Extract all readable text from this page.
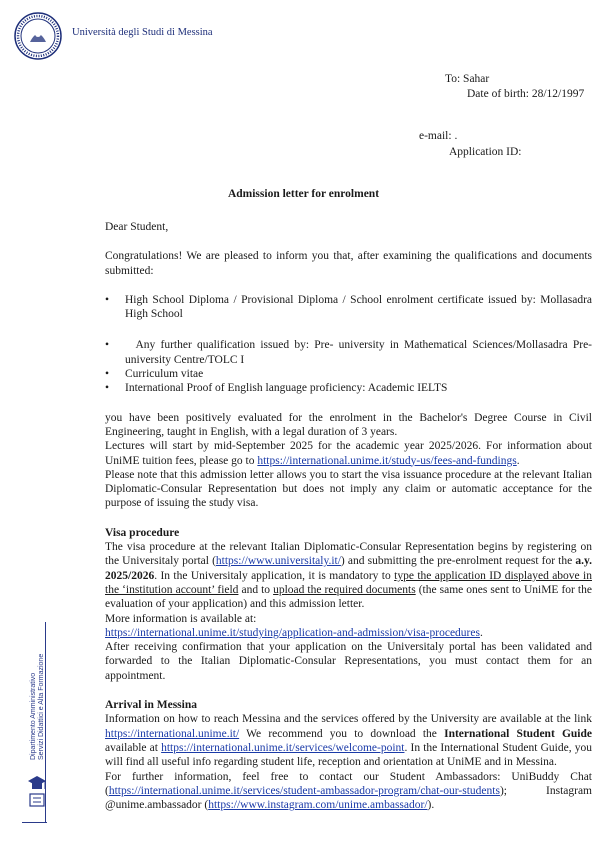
Università degli Studi di Messina
To: Sahar
Date of birth: 28/12/1997
e-mail: .
Application ID:
Admission letter for enrolment

Dear Student,

Congratulations! We are pleased to inform you that, after examining the qualifications and documents submitted:

• High School Diploma / Provisional Diploma / School enrolment certificate issued by: Mollasadra High School

• Any further qualification issued by: Pre- university in Mathematical Sciences/Mollasadra Pre-university Centre/TOLC I

• Curriculum vitae

• International Proof of English language proficiency: Academic IELTS

you have been positively evaluated for the enrolment in the Bachelor's Degree Course in Civil Engineering, taught in English, with a legal duration of 3 years.

Lectures will start by mid-September 2025 for the academic year 2025/2026. For information about UniME tuition fees, please go to https://international.unime.it/study-us/fees-and-fundings.

Please note that this admission letter allows you to start the visa issuance procedure at the relevant Italian Diplomatic-Consular Representation but does not imply any claim or automatic acceptance for the purpose of issuing the study visa.

Visa procedure

The visa procedure at the relevant Italian Diplomatic-Consular Representation begins by registering on the Universitaly portal (https://www.universitaly.it/) and submitting the pre-enrolment request for the a.y. 2025/2026. In the Universitaly application, it is mandatory to type the application ID displayed above in the ‘institution account’ field and to upload the required documents (the same ones sent to UniME for the evaluation of your application) and this admission letter.

More information is available at:

https://international.unime.it/studying/application-and-admission/visa-procedures.

After receiving confirmation that your application on the Universitaly portal has been validated and forwarded to the Italian Diplomatic-Consular Representations, you must contact them for an appointment.

Arrival in Messina

Information on how to reach Messina and the services offered by the University are available at the link https://international.unime.it/ We recommend you to download the International Student Guide available at https://international.unime.it/services/welcome-point. In the International Student Guide, you will find all useful info regarding student life, reception and orientation at UniME and in Messina.

For further information, feel free to contact our Student Ambassadors: UniBuddy Chat (https://international.unime.it/services/student-ambassador-program/chat-our-students); Instagram @unime.ambassador (https://www.instagram.com/unime.ambassador/).

Dipartimento Amministrativo Servizi Didattici e Alta Formazione
